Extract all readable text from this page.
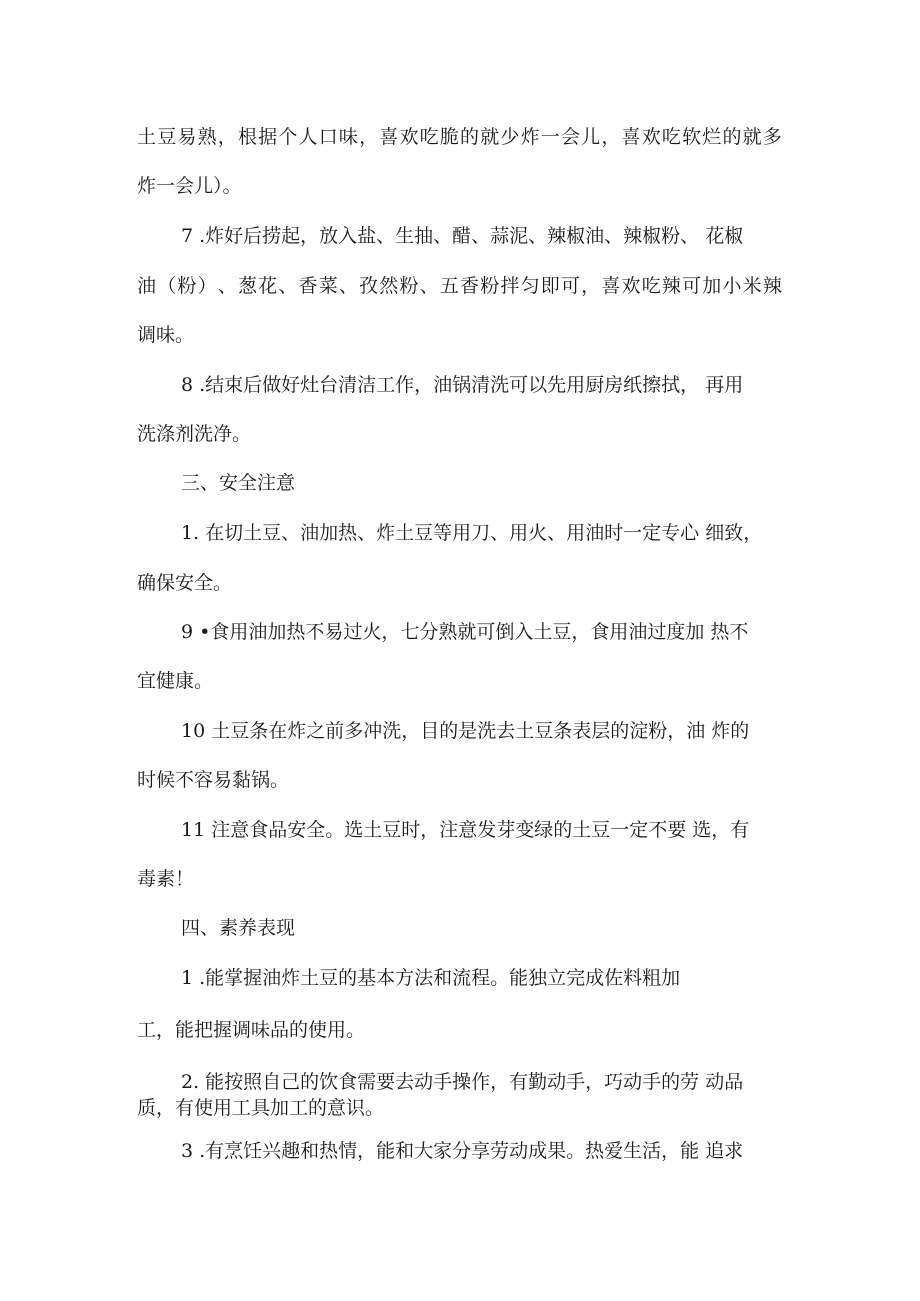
土 豆 易 熟 ， 根 据 个 人 口 味 ， 喜 欢 吃 脆 的 就 少 炸 一 会 儿 ， 喜 欢 吃 软 烂 的 就 多
炸一会儿）。
7 .炸好后捞起，放入盐、生抽、醋、蒜泥、辣椒油、辣椒粉、 花椒
油 （ 粉 ） 、 葱 花 、 香 菜 、 孜 然 粉 、 五 香 粉 拌 匀 即 可 ， 喜 欢 吃 辣 可 加 小 米 辣
调味。
8 .结束后做好灶台清洁工作，油锅清洗可以先用厨房纸擦拭， 再用
洗涤剂洗净。
三、安全注意
1. 在切土豆、油加热、炸土豆等用刀、用火、用油时一定专心 细致，
确保安全。
9 •食用油加热不易过火，七分熟就可倒入土豆，食用油过度加 热不
宜健康。
10 土豆条在炸之前多冲洗，目的是洗去土豆条表层的淀粉，油 炸的
时候不容易黏锅。
11 注意食品安全。选土豆时，注意发芽变绿的土豆一定不要 选，有
毒素！
四、素养表现
1 .能掌握油炸土豆的基本方法和流程。能独立完成佐料粗加
工，能把握调味品的使用。
2. 能按照自己的饮食需要去动手操作，有勤动手，巧动手的劳 动品
质，有使用工具加工的意识。
3 .有烹饪兴趣和热情，能和大家分享劳动成果。热爱生活，能 追求
